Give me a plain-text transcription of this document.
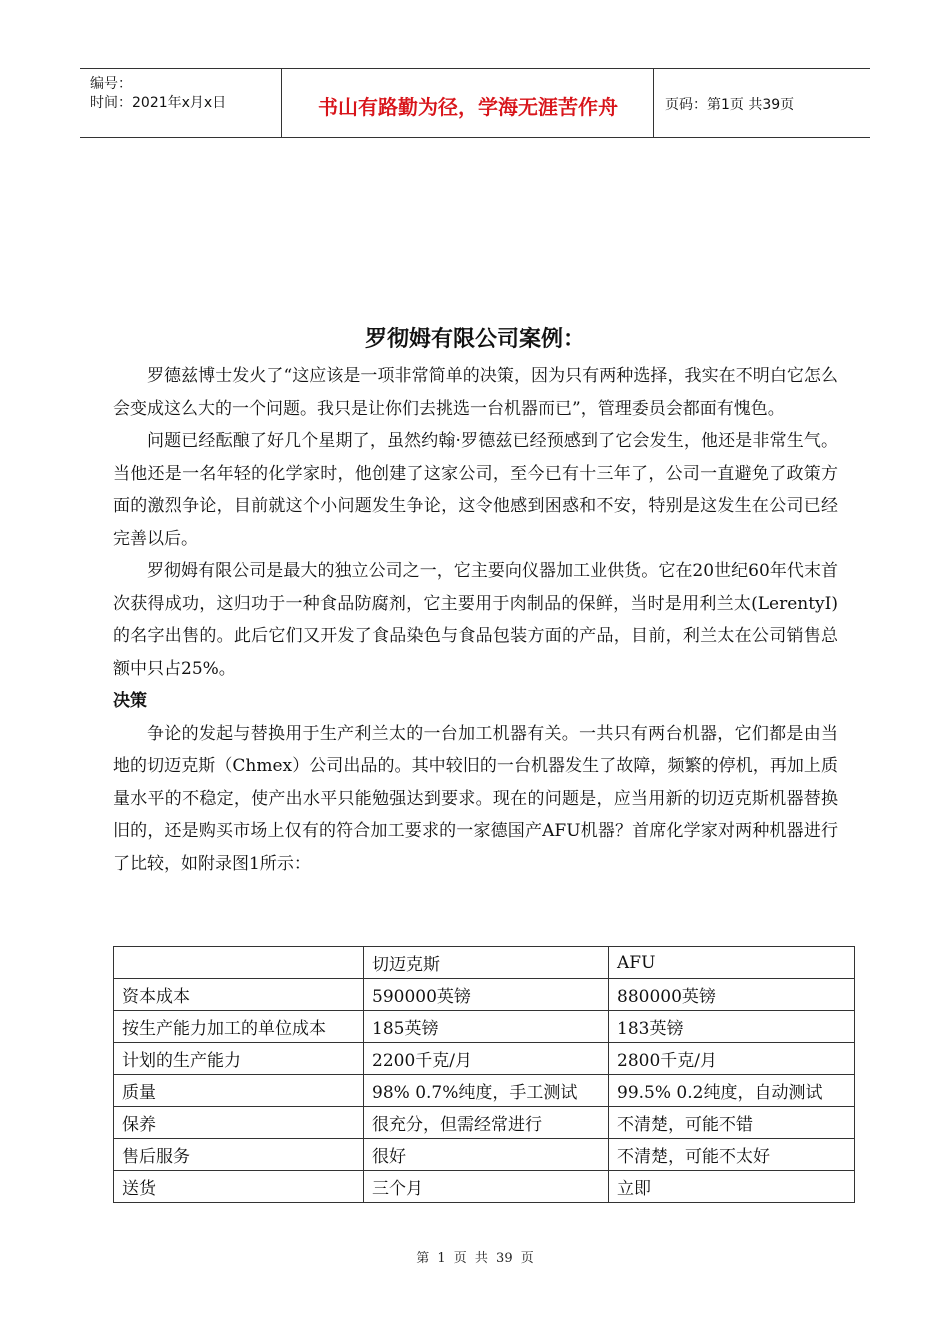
编号：
时间：2021年x月x日	书山有路勤为径，学海无涯苦作舟	页码：第1页 共39页
罗彻姆有限公司案例：

罗德兹博士发火了“这应该是一项非常简单的决策，因为只有两种选择，我实在不明白它怎么会变成这么大的一个问题。我只是让你们去挑选一台机器而已”，管理委员会都面有愧色。

问题已经酝酿了好几个星期了，虽然约翰·罗德兹已经预感到了它会发生，他还是非常生气。当他还是一名年轻的化学家时，他创建了这家公司，至今已有十三年了，公司一直避免了政策方面的激烈争论，目前就这个小问题发生争论，这令他感到困惑和不安，特别是这发生在公司已经完善以后。

罗彻姆有限公司是最大的独立公司之一，它主要向仪器加工业供货。它在20世纪60年代末首次获得成功，这归功于一种食品防腐剂，它主要用于肉制品的保鲜，当时是用利兰太(LerentyI)的名字出售的。此后它们又开发了食品染色与食品包装方面的产品，目前，利兰太在公司销售总额中只占25%。

决策

争论的发起与替换用于生产利兰太的一台加工机器有关。一共只有两台机器，它们都是由当地的切迈克斯（Chmex）公司出品的。其中较旧的一台机器发生了故障，频繁的停机，再加上质量水平的不稳定，使产出水平只能勉强达到要求。现在的问题是，应当用新的切迈克斯机器替换旧的，还是购买市场上仅有的符合加工要求的一家德国产AFU机器？首席化学家对两种机器进行了比较，如附录图1所示：

	切迈克斯	AFU
资本成本	590000英镑	880000英镑
按生产能力加工的单位成本	185英镑	183英镑
计划的生产能力	2200千克/月	2800千克/月
质量	98% 0.7%纯度，手工测试	99.5% 0.2纯度，自动测试
保养	很充分，但需经常进行	不清楚，可能不错
售后服务	很好	不清楚，可能不太好
送货	三个月	立即
第 1 页 共 39 页
